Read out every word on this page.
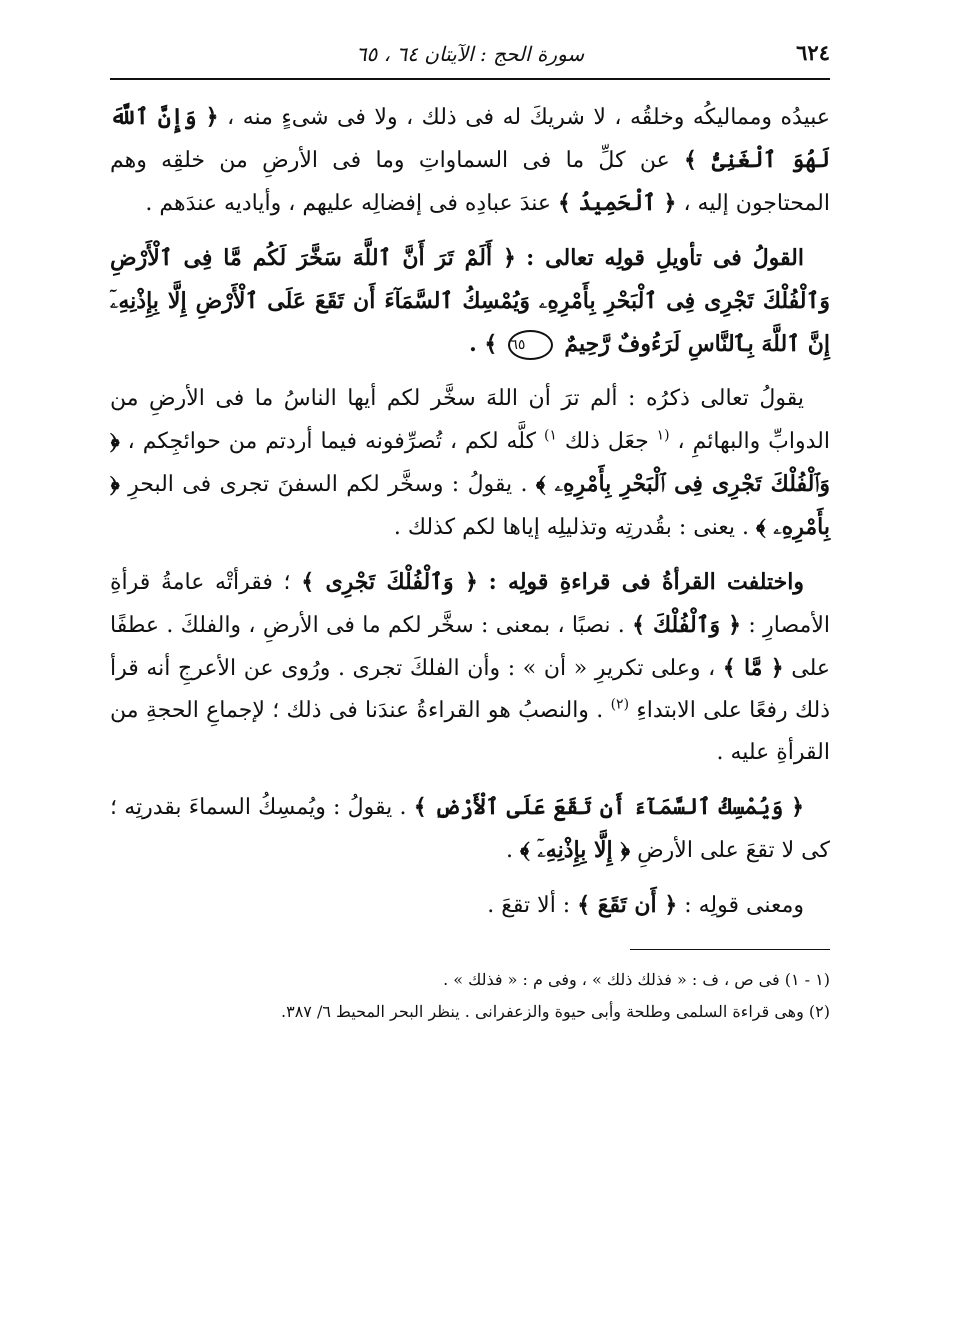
٦٢٤
سورة الحج : الآيتان ٦٤ ، ٦٥

عبيدُه ومماليكُه وخلقُه ، لا شريكَ له فى ذلك ، ولا فى شىءٍ منه ، ﴿ وَإِنَّ ٱللَّهَ لَهُوَ ٱلْغَنِىُّ ﴾ عن كلِّ ما فى السماواتِ وما فى الأرضِ من خلقِه وهم المحتاجون إليه ، ﴿ ٱلْحَمِيدُ ﴾ عندَ عبادِه فى إفضالِه عليهم ، وأياديه عندَهم .

القولُ فى تأويلِ قولِه تعالى : ﴿ أَلَمْ تَرَ أَنَّ ٱللَّهَ سَخَّرَ لَكُم مَّا فِى ٱلْأَرْضِ وَٱلْفُلْكَ تَجْرِى فِى ٱلْبَحْرِ بِأَمْرِهِۦ وَيُمْسِكُ ٱلسَّمَآءَ أَن تَقَعَ عَلَى ٱلْأَرْضِ إِلَّا بِإِذْنِهِۦٓ إِنَّ ٱللَّهَ بِٱلنَّاسِ لَرَءُوفٌ رَّحِيمٌ ٦٥ ﴾ .

يقولُ تعالى ذكرُه : ألم ترَ أن اللهَ سخَّر لكم أيها الناسُ ما فى الأرضِ من الدوابِّ والبهائمِ ، $^{(١}$ جعَل ذلك $^{١)}$ كلَّه لكم ، تُصرِّفونه فيما أردتم من حوائجِكم ، ﴿ وَٱلْفُلْكَ تَجْرِى فِى ٱلْبَحْرِ بِأَمْرِهِۦ ﴾ . يقولُ : وسخَّر لكم السفنَ تجرى فى البحرِ ﴿ بِأَمْرِهِۦ ﴾ . يعنى : بقُدرتِه وتذليلِه إياها لكم كذلك .

واختلفت القرأةُ فى قراءةِ قولِه : ﴿ وَٱلْفُلْكَ تَجْرِى ﴾ ؛ فقرأتْه عامةُ قرأةِ الأمصارِ : ﴿ وَٱلْفُلْكَ ﴾ . نصبًا ، بمعنى : سخَّر لكم ما فى الأرضِ ، والفلكَ . عطفًا على ﴿ مَّا ﴾ ، وعلى تكريرِ « أن » : وأن الفلكَ تجرى . ورُوى عن الأعرجِ أنه قرأ ذلك رفعًا على الابتداءِ $^{(٢)}$ . والنصبُ هو القراءةُ عندَنا فى ذلك ؛ لإجماعِ الحجةِ من القرأةِ عليه .

﴿ وَيُمْسِكُ ٱلسَّمَآءَ أَن تَقَعَ عَلَى ٱلْأَرْضِ ﴾ . يقولُ : ويُمسِكُ السماءَ بقدرتِه ؛ كى لا تقعَ على الأرضِ ﴿ إِلَّا بِإِذْنِهِۦٓ ﴾ .

ومعنى قولِه : ﴿ أَن تَقَعَ ﴾ : ألا تقعَ .

(١ - ١) فى ص ، ف : « فذلك ذلك » ، وفى م : « فذلك » .

(٢) وهى قراءة السلمى وطلحة وأبى حيوة والزعفرانى . ينظر البحر المحيط ٦/ ٣٨٧.
